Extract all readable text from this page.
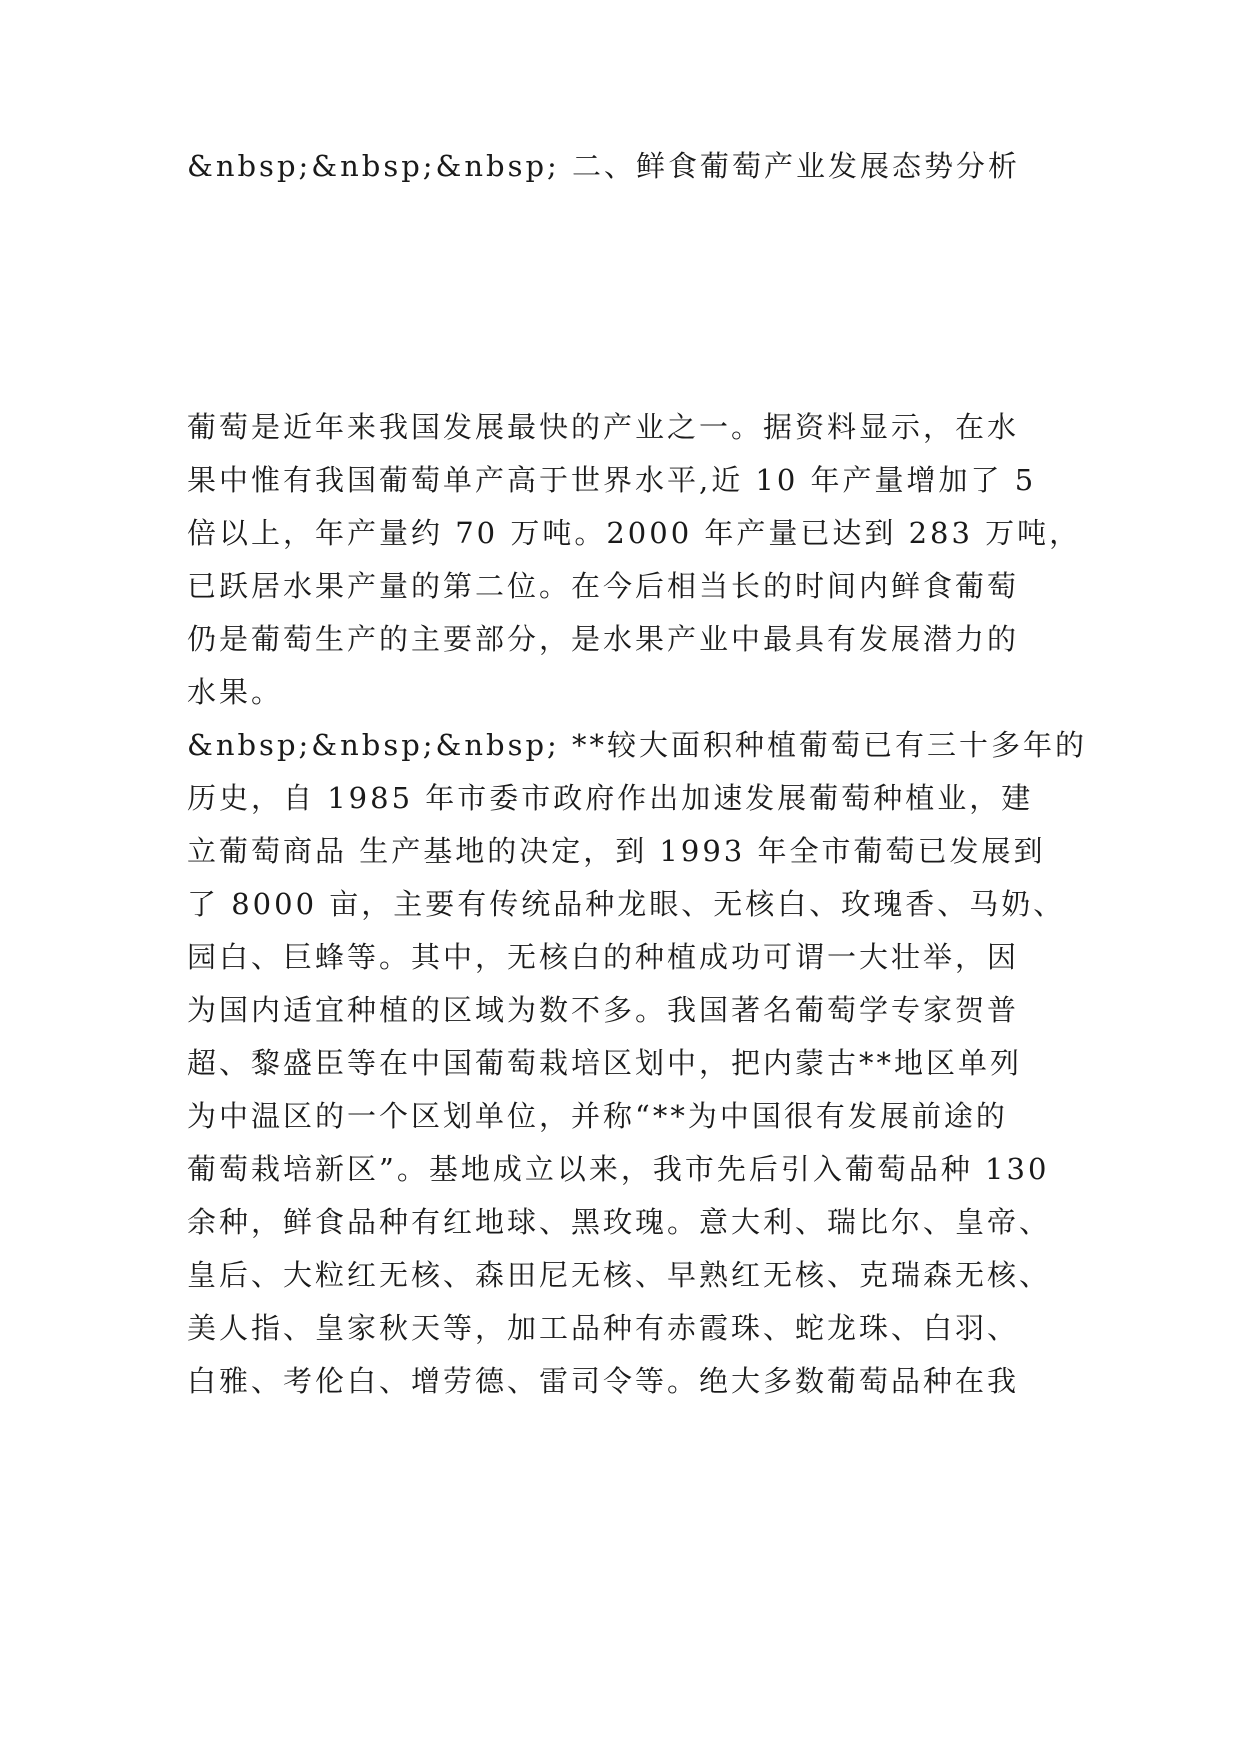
&nbsp;&nbsp;&nbsp; 二、鲜食葡萄产业发展态势分析
葡萄是近年来我国发展最快的产业之一。据资料显示，在水
果中惟有我国葡萄单产高于世界水平,近 10 年产量增加了 5
倍以上，年产量约 70 万吨。2000 年产量已达到 283 万吨，
已跃居水果产量的第二位。在今后相当长的时间内鲜食葡萄
仍是葡萄生产的主要部分，是水果产业中最具有发展潜力的
水果。
&nbsp;&nbsp;&nbsp; **较大面积种植葡萄已有三十多年的
历史，自 1985 年市委市政府作出加速发展葡萄种植业，建
立葡萄商品 生产基地的决定，到 1993 年全市葡萄已发展到
了 8000 亩，主要有传统品种龙眼、无核白、玫瑰香、马奶、
园白、巨蜂等。其中，无核白的种植成功可谓一大壮举，因
为国内适宜种植的区域为数不多。我国著名葡萄学专家贺普
超、黎盛臣等在中国葡萄栽培区划中，把内蒙古**地区单列
为中温区的一个区划单位，并称“**为中国很有发展前途的
葡萄栽培新区”。基地成立以来，我市先后引入葡萄品种 130
余种，鲜食品种有红地球、黑玫瑰。意大利、瑞比尔、皇帝、
皇后、大粒红无核、森田尼无核、早熟红无核、克瑞森无核、
美人指、皇家秋天等，加工品种有赤霞珠、蛇龙珠、白羽、
白雅、考伦白、增劳德、雷司令等。绝大多数葡萄品种在我
